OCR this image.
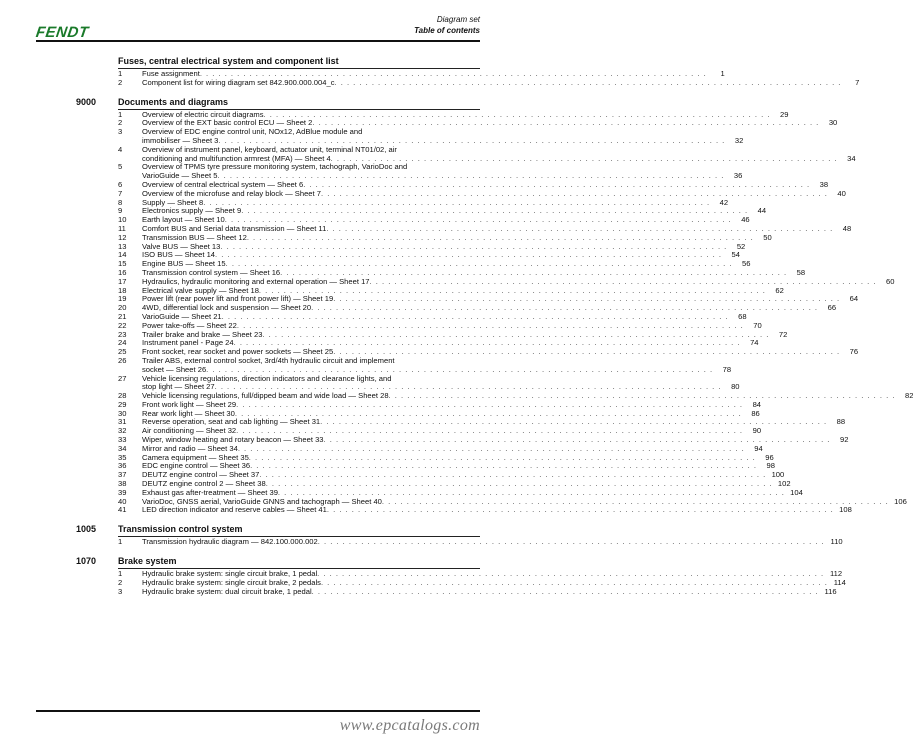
FENDT
Diagram set
Table of contents
Fuses, central electrical system and component list
1	Fuse assignment . . .	1
2	Component list for wiring diagram set 842.900.000.004_c . . .	7
9000	Documents and diagrams
1	Overview of electric circuit diagrams . . .	29
2	Overview of the EXT basic control ECU — Sheet 2 . . .	30
3	Overview of EDC engine control unit, NOx12, AdBlue module and
immobiliser — Sheet 3 . . .	32
4	Overview of instrument panel, keyboard, actuator unit, terminal NT01/02, air
conditioning and multifunction armrest (MFA) — Sheet 4 . . .	34
5	Overview of TPMS tyre pressure monitoring system, tachograph, VarioDoc and
VarioGuide — Sheet 5 . . .	36
6	Overview of central electrical system — Sheet 6 . . .	38
7	Overview of the microfuse and relay block — Sheet 7 . . .	40
8	Supply — Sheet 8 . . .	42
9	Electronics supply — Sheet 9 . . .	44
10	Earth layout — Sheet 10 . . .	46
11	Comfort BUS and Serial data transmission — Sheet 11 . . .	48
12	Transmission BUS — Sheet 12 . . .	50
13	Valve BUS — Sheet 13 . . .	52
14	ISO BUS — Sheet 14 . . .	54
15	Engine BUS — Sheet 15 . . .	56
16	Transmission control system — Sheet 16 . . .	58
17	Hydraulics, hydraulic monitoring and external operation — Sheet 17 . . .	60
18	Electrical valve supply — Sheet 18 . . .	62
19	Power lift (rear power lift and front power lift) — Sheet 19 . . .	64
20	4WD, differential lock and suspension — Sheet 20 . . .	66
21	VarioGuide — Sheet 21 . . .	68
22	Power take-offs — Sheet 22 . . .	70
23	Trailer brake and brake — Sheet 23 . . .	72
24	Instrument panel - Page 24 . . .	74
25	Front socket, rear socket and power sockets — Sheet 25 . . .	76
26	Trailer ABS, external control socket, 3rd/4th hydraulic circuit and implement
socket — Sheet 26 . . .	78
27	Vehicle licensing regulations, direction indicators and clearance lights, and
stop light — Sheet 27 . . .	80
28	Vehicle licensing regulations, full/dipped beam and wide load — Sheet 28 . . .	82
29	Front work light — Sheet 29 . . .	84
30	Rear work light — Sheet 30 . . .	86
31	Reverse operation, seat and cab lighting — Sheet 31 . . .	88
32	Air conditioning — Sheet 32 . . .	90
33	Wiper, window heating and rotary beacon — Sheet 33 . . .	92
34	Mirror and radio — Sheet 34 . . .	94
35	Camera equipment — Sheet 35 . . .	96
36	EDC engine control — Sheet 36 . . .	98
37	DEUTZ engine control — Sheet 37 . . .	100
38	DEUTZ engine control 2 — Sheet 38 . . .	102
39	Exhaust gas after-treatment — Sheet 39 . . .	104
40	VarioDoc, GNSS aerial, VarioGuide GNNS and tachograph — Sheet 40 . . .	106
41	LED direction indicator and reserve cables — Sheet 41 . . .	108
1005	Transmission control system
1	Transmission hydraulic diagram — 842.100.000.002 . . .	110
1070	Brake system
1	Hydraulic brake system: single circuit brake, 1 pedal . . .	112
2	Hydraulic brake system: single circuit brake, 2 pedals . . .	114
3	Hydraulic brake system: dual circuit brake, 1 pedal . . .	116
www.epcatalogs.com
